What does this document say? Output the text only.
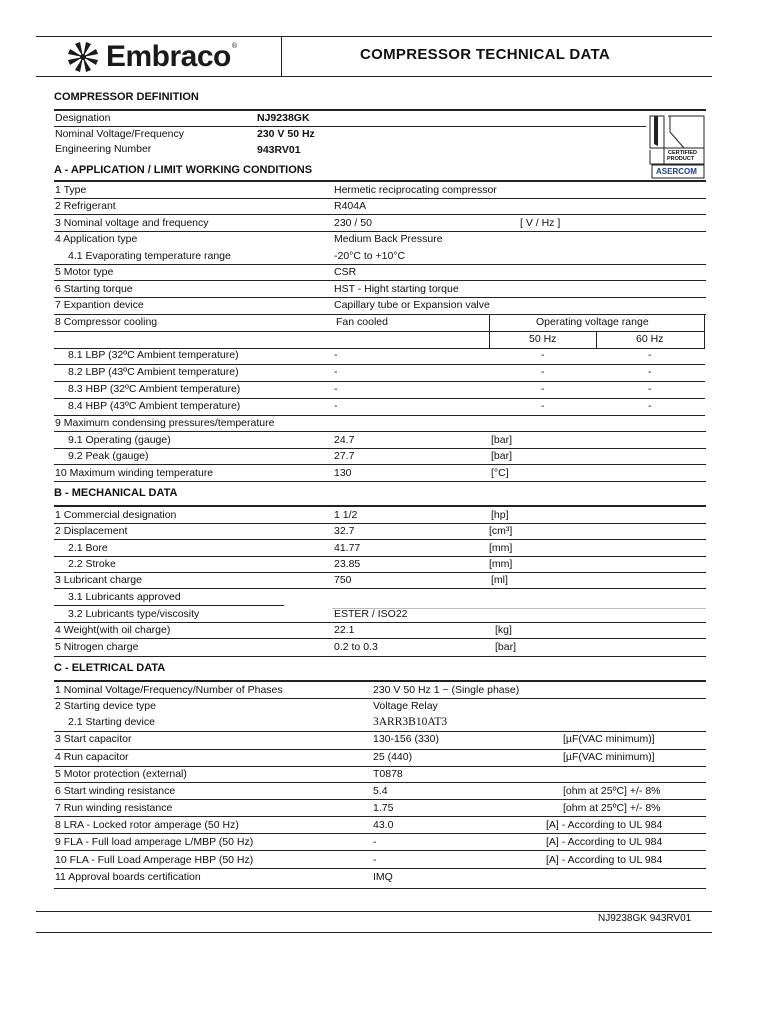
Embraco ®	COMPRESSOR TECHNICAL DATA
COMPRESSOR DEFINITION
Designation	NJ9238GK
Nominal Voltage/Frequency	230 V 50 Hz
Engineering Number	943RV01	CERTIFIED
PRODUCT
ASERCOM
A - APPLICATION / LIMIT WORKING CONDITIONS
1 Type	Hermetic reciprocating compressor
2 Refrigerant	R404A
3 Nominal voltage and frequency	230 / 50	[ V / Hz ]
4 Application type	Medium Back Pressure
4.1 Evaporating temperature range	-20°C to +10°C
5 Motor type	CSR
6 Starting torque	HST - Hight starting torque
7 Expantion device	Capillary tube or Expansion valve
8 Compressor cooling	Fan cooled	Operating voltage range
50 Hz	60 Hz
8.1 LBP (32ºC Ambient temperature)	-	-	-
8.2 LBP (43ºC Ambient temperature)	-	-	-
8.3 HBP (32ºC Ambient temperature)	-	-	-
8.4 HBP (43ºC Ambient temperature)	-	-	-
9 Maximum condensing pressures/temperature
9.1 Operating (gauge)	24.7	[bar]
9.2 Peak (gauge)	27.7	[bar]
10 Maximum winding temperature	130	[°C]
B - MECHANICAL DATA
1 Commercial designation	1 1/2	[hp]
2 Displacement	32.7	[cm³]
2.1 Bore	41.77	[mm]
2.2 Stroke	23.85	[mm]
3 Lubricant charge	750	[ml]
3.1 Lubricants approved
3.2 Lubricants type/viscosity	ESTER / ISO22
4 Weight(with oil charge)	22.1	[kg]
5 Nitrogen charge	0.2 to 0.3	[bar]
C - ELETRICAL DATA
1 Nominal Voltage/Frequency/Number of Phases	230 V 50 Hz 1 ~ (Single phase)
2 Starting device type	Voltage Relay
2.1 Starting device	3ARR3B10AT3
3 Start capacitor	130-156 (330)	[µF(VAC minimum)]
4 Run capacitor	25 (440)	[µF(VAC minimum)]
5 Motor protection (external)	T0878
6 Start winding resistance	5.4	[ohm at 25ºC] +/- 8%
7 Run winding resistance	1.75	[ohm at 25ºC] +/- 8%
8 LRA - Locked rotor amperage (50 Hz)	43.0	[A] - According to UL 984
9 FLA - Full load amperage L/MBP (50 Hz)	-	[A] - According to UL 984
10 FLA - Full Load Amperage HBP (50 Hz)	-	[A] - According to UL 984
11 Approval boards certification	IMQ
NJ9238GK 943RV01
